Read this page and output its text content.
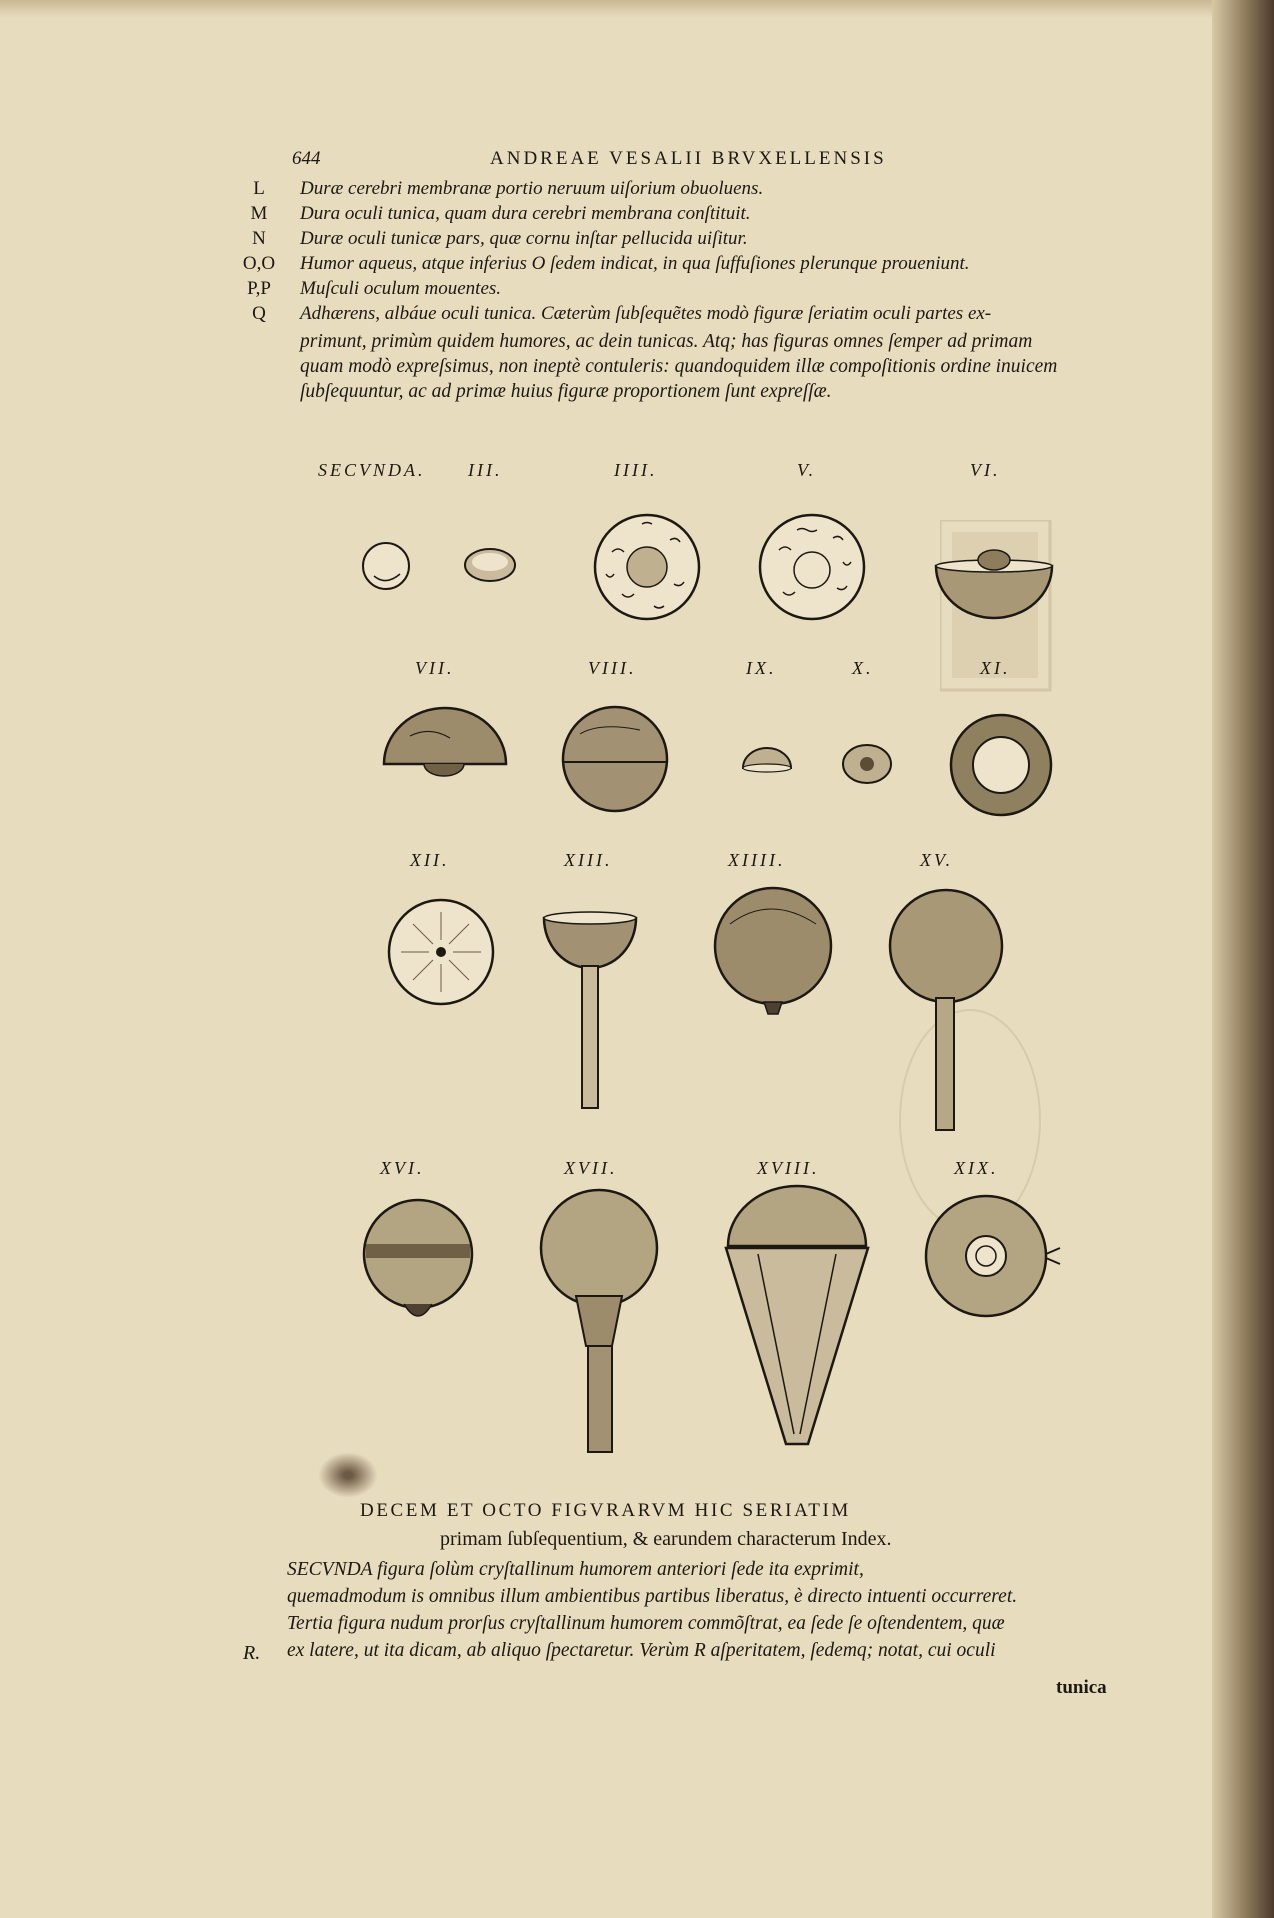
644	ANDREAE VESALII BRVXELLENSIS
L	Duræ cerebri membranæ portio neruum uiſorium obuoluens.
M	Dura oculi tunica, quam dura cerebri membrana conſtituit.
N	Duræ oculi tunicæ pars, quæ cornu inſtar pellucida uiſitur.
O,O	Humor aqueus, atque inferius O ſedem indicat, in qua ſuffuſiones plerunque proueniunt.
P,P	Muſculi oculum mouentes.
Q	Adhærens, albáue oculi tunica. Cæterùm ſubſequẽtes modò figuræ ſeriatim oculi partes ex-
primunt, primùm quidem humores, ac dein tunicas. Atq; has figuras omnes ſemper ad primam
quam modò expreſsimus, non ineptè contuleris: quandoquidem illæ compoſitionis ordine inuicem
ſubſequuntur, ac ad primæ huius figuræ proportionem ſunt expreſſæ.
SECVNDA. III.	IIII.	V.	VI.
VII.	VIII.	IX.	X.	XI.
XII.	XIII.	XIIII.	XV.
XVI.	XVII.	XVIII.	XIX.
DECEM ET OCTO FIGVRARVM HIC SERIATIM
primam ſubſequentium, & earundem characterum Index.
SECVNDA figura ſolùm cryſtallinum humorem anteriori ſede ita exprimit,
quemadmodum is omnibus illum ambientibus partibus liberatus, è directo intuenti occurreret.
Tertia figura nudum prorſus cryſtallinum humorem commõſtrat, ea ſede ſe oſtendentem, quæ
ex latere, ut ita dicam, ab aliquo ſpectaretur. Verùm R aſperitatem, ſedemq; notat, cui oculi
R.
tunica
